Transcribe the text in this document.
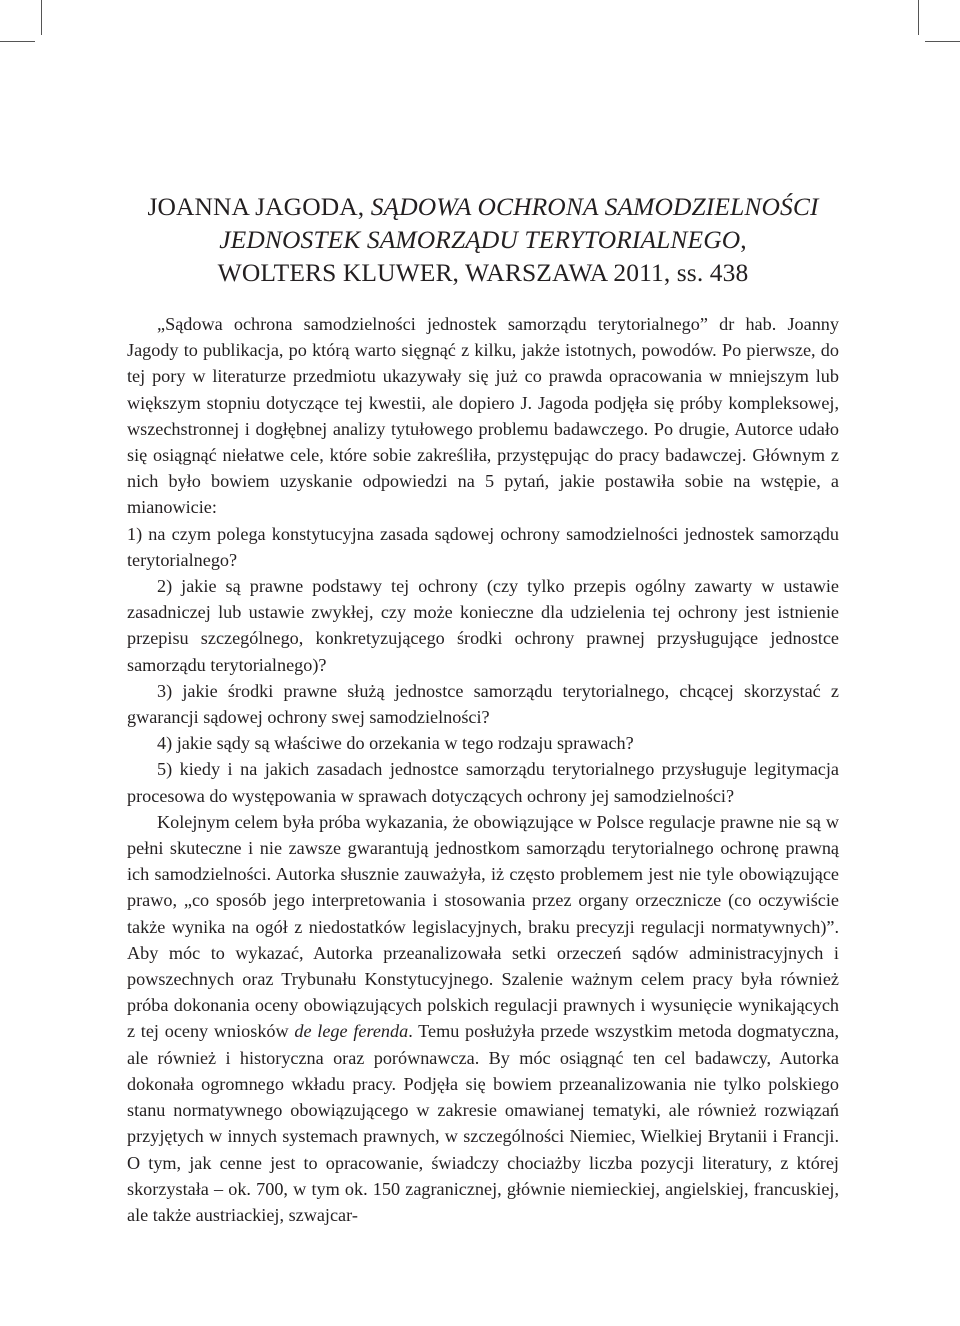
JOANNA JAGODA, SĄDOWA OCHRONA SAMODZIELNOŚCI
JEDNOSTEK SAMORZĄDU TERYTORIALNEGO,
WOLTERS KLUWER, WARSZAWA 2011, ss. 438

„Sądowa ochrona samodzielności jednostek samorządu terytorialnego” dr hab. Joanny Jagody to publikacja, po którą warto sięgnąć z kilku, jakże istotnych, powodów. Po pierwsze, do tej pory w literaturze przedmiotu ukazywały się już co prawda opracowania w mniejszym lub większym stopniu dotyczące tej kwestii, ale dopiero J. Jagoda podjęła się próby kompleksowej, wszechstronnej i dogłębnej analizy tytułowego problemu badawczego. Po drugie, Autorce udało się osiągnąć niełatwe cele, które sobie zakreśliła, przystępując do pracy badawczej. Głównym z nich było bowiem uzyskanie odpowiedzi na 5 pytań, jakie postawiła sobie na wstępie, a mianowicie:

1) na czym polega konstytucyjna zasada sądowej ochrony samodzielności jednostek samorządu terytorialnego?

2) jakie są prawne podstawy tej ochrony (czy tylko przepis ogólny zawarty w ustawie zasadniczej lub ustawie zwykłej, czy może konieczne dla udzielenia tej ochrony jest istnienie przepisu szczególnego, konkretyzującego środki ochrony prawnej przysługujące jednostce samorządu terytorialnego)?

3) jakie środki prawne służą jednostce samorządu terytorialnego, chcącej skorzystać z gwarancji sądowej ochrony swej samodzielności?

4) jakie sądy są właściwe do orzekania w tego rodzaju sprawach?

5) kiedy i na jakich zasadach jednostce samorządu terytorialnego przysługuje legitymacja procesowa do występowania w sprawach dotyczących ochrony jej samodzielności?

Kolejnym celem była próba wykazania, że obowiązujące w Polsce regulacje prawne nie są w pełni skuteczne i nie zawsze gwarantują jednostkom samorządu terytorialnego ochronę prawną ich samodzielności. Autorka słusznie zauważyła, iż często problemem jest nie tyle obowiązujące prawo, „co sposób jego interpretowania i stosowania przez organy orzecznicze (co oczywiście także wynika na ogół z niedostatków legislacyjnych, braku precyzji regulacji normatywnych)”. Aby móc to wykazać, Autorka przeanalizowała setki orzeczeń sądów administracyjnych i powszechnych oraz Trybunału Konstytucyjnego. Szalenie ważnym celem pracy była również próba dokonania oceny obowiązujących polskich regulacji prawnych i wysunięcie wynikających z tej oceny wniosków de lege ferenda. Temu posłużyła przede wszystkim metoda dogmatyczna, ale również i historyczna oraz porównawcza. By móc osiągnąć ten cel badawczy, Autorka dokonała ogromnego wkładu pracy. Podjęła się bowiem przeanalizowania nie tylko polskiego stanu normatywnego obowiązującego w zakresie omawianej tematyki, ale również rozwiązań przyjętych w innych systemach prawnych, w szczególności Niemiec, Wielkiej Brytanii i Francji. O tym, jak cenne jest to opracowanie, świadczy chociażby liczba pozycji literatury, z której skorzystała – ok. 700, w tym ok. 150 zagranicznej, głównie niemieckiej, angielskiej, francuskiej, ale także austriackiej, szwajcar-
